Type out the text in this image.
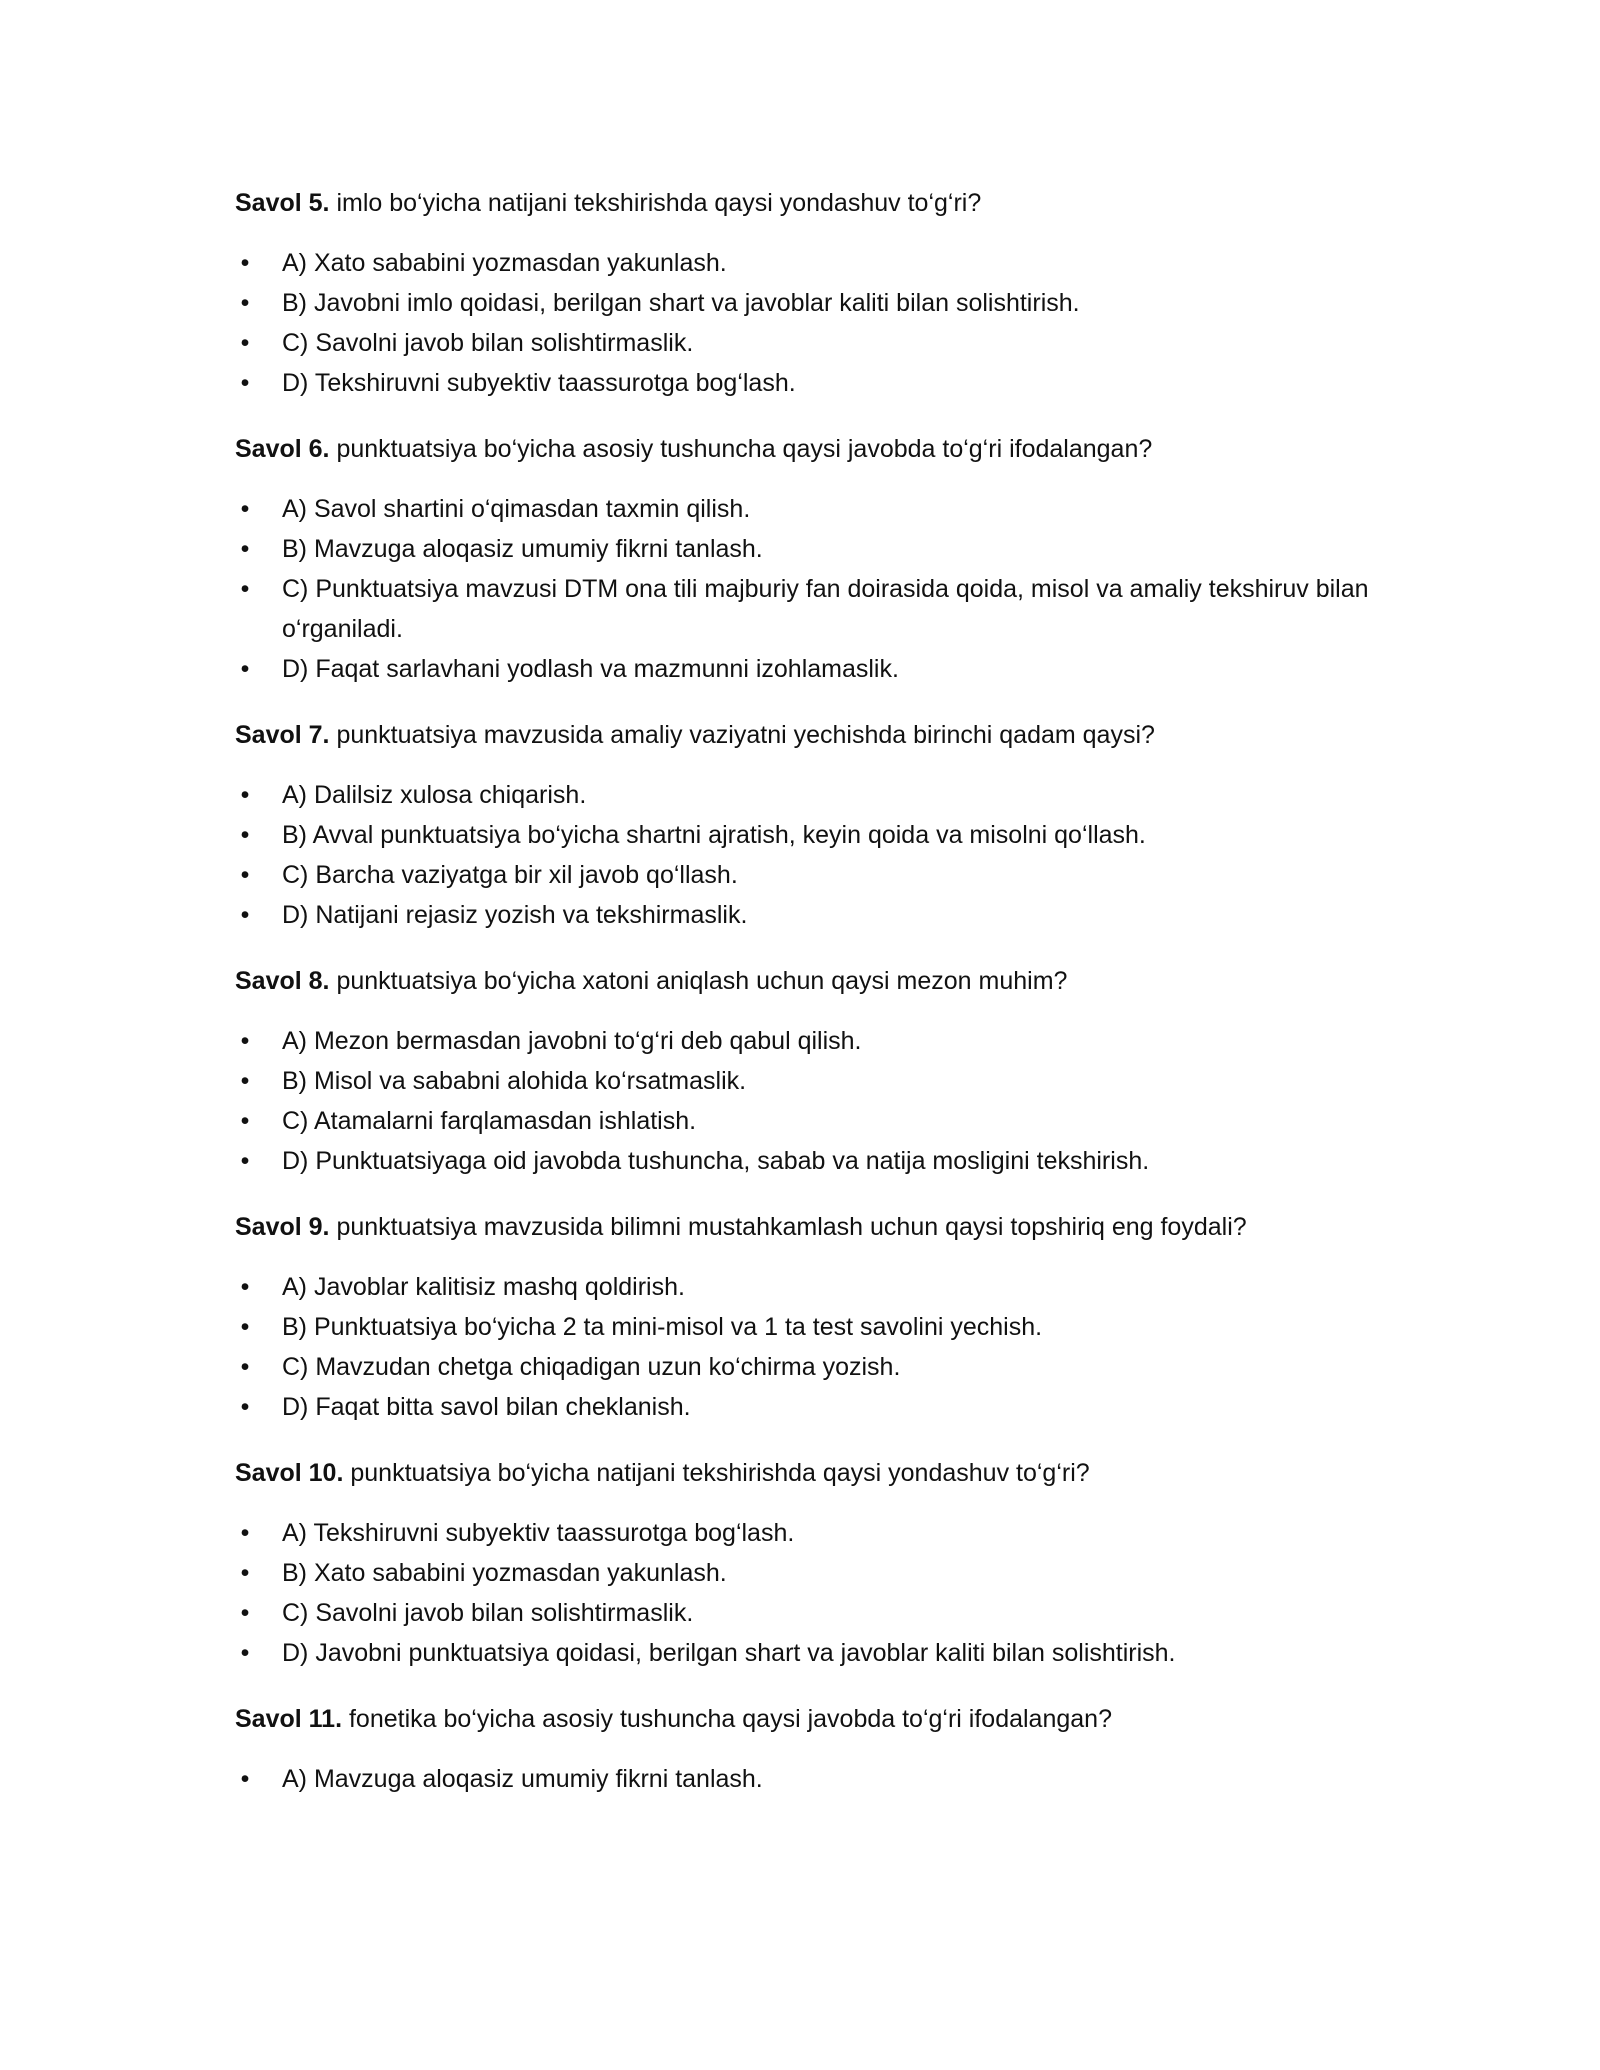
Savol 5. imlo bo‘yicha natijani tekshirishda qaysi yondashuv to‘g‘ri?
• A) Xato sababini yozmasdan yakunlash.
• B) Javobni imlo qoidasi, berilgan shart va javoblar kaliti bilan solishtirish.
• C) Savolni javob bilan solishtirmaslik.
• D) Tekshiruvni subyektiv taassurotga bog‘lash.
Savol 6. punktuatsiya bo‘yicha asosiy tushuncha qaysi javobda to‘g‘ri ifodalangan?
• A) Savol shartini o‘qimasdan taxmin qilish.
• B) Mavzuga aloqasiz umumiy fikrni tanlash.
• C) Punktuatsiya mavzusi DTM ona tili majburiy fan doirasida qoida, misol va amaliy tekshiruv bilan o‘rganiladi.
• D) Faqat sarlavhani yodlash va mazmunni izohlamaslik.
Savol 7. punktuatsiya mavzusida amaliy vaziyatni yechishda birinchi qadam qaysi?
• A) Dalilsiz xulosa chiqarish.
• B) Avval punktuatsiya bo‘yicha shartni ajratish, keyin qoida va misolni qo‘llash.
• C) Barcha vaziyatga bir xil javob qo‘llash.
• D) Natijani rejasiz yozish va tekshirmaslik.
Savol 8. punktuatsiya bo‘yicha xatoni aniqlash uchun qaysi mezon muhim?
• A) Mezon bermasdan javobni to‘g‘ri deb qabul qilish.
• B) Misol va sababni alohida ko‘rsatmaslik.
• C) Atamalarni farqlamasdan ishlatish.
• D) Punktuatsiyaga oid javobda tushuncha, sabab va natija mosligini tekshirish.
Savol 9. punktuatsiya mavzusida bilimni mustahkamlash uchun qaysi topshiriq eng foydali?
• A) Javoblar kalitisiz mashq qoldirish.
• B) Punktuatsiya bo‘yicha 2 ta mini-misol va 1 ta test savolini yechish.
• C) Mavzudan chetga chiqadigan uzun ko‘chirma yozish.
• D) Faqat bitta savol bilan cheklanish.
Savol 10. punktuatsiya bo‘yicha natijani tekshirishda qaysi yondashuv to‘g‘ri?
• A) Tekshiruvni subyektiv taassurotga bog‘lash.
• B) Xato sababini yozmasdan yakunlash.
• C) Savolni javob bilan solishtirmaslik.
• D) Javobni punktuatsiya qoidasi, berilgan shart va javoblar kaliti bilan solishtirish.
Savol 11. fonetika bo‘yicha asosiy tushuncha qaysi javobda to‘g‘ri ifodalangan?
• A) Mavzuga aloqasiz umumiy fikrni tanlash.
